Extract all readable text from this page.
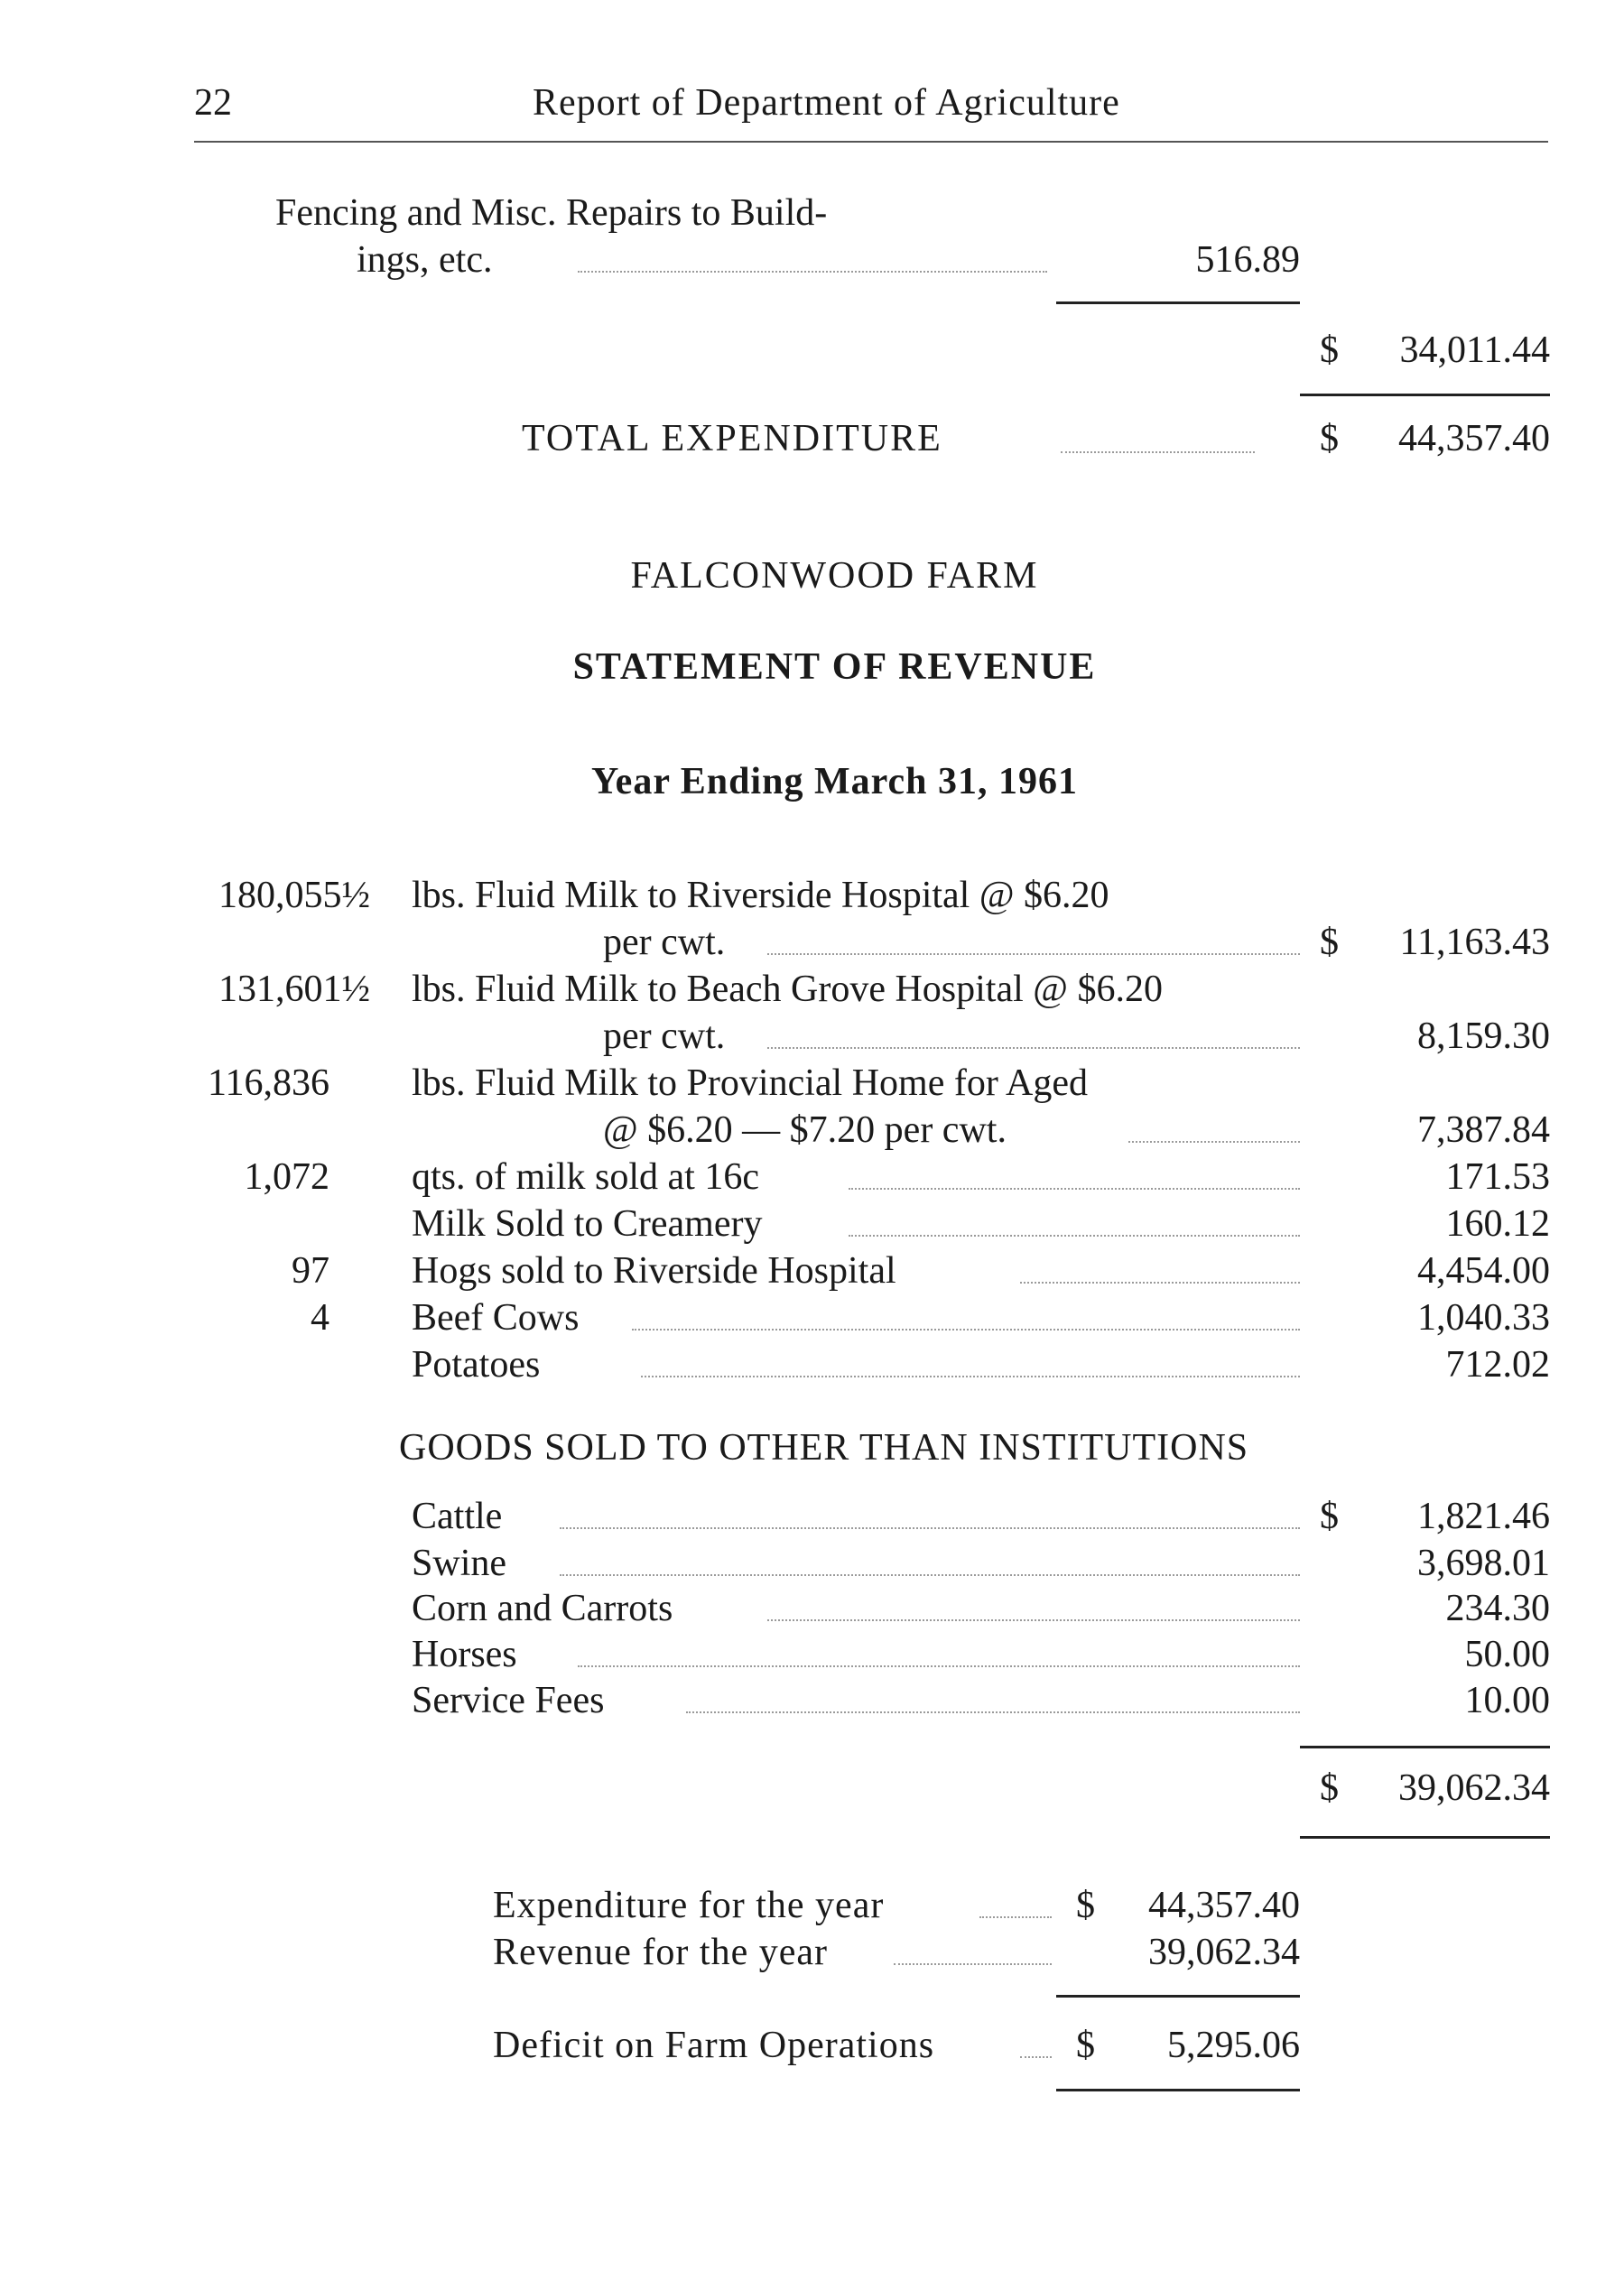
22	Report of Department of Agriculture
Fencing and Misc. Repairs to Build-
ings, etc.	516.89
$	34,011.44
TOTAL EXPENDITURE	$	44,357.40
FALCONWOOD FARM
STATEMENT OF REVENUE
Year Ending March 31, 1961
180,055½ lbs. Fluid Milk to Riverside Hospital @ $6.20
per cwt.	$	11,163.43
131,601½ lbs. Fluid Milk to Beach Grove Hospital @ $6.20
per cwt.	8,159.30
116,836 lbs. Fluid Milk to Provincial Home for Aged
@ $6.20 — $7.20 per cwt.	7,387.84
1,072 qts. of milk sold at 16c	171.53
Milk Sold to Creamery	160.12
97 Hogs sold to Riverside Hospital	4,454.00
4 Beef Cows	1,040.33
Potatoes	712.02
GOODS SOLD TO OTHER THAN INSTITUTIONS
Cattle	$	1,821.46
Swine	3,698.01
Corn and Carrots	234.30
Horses	50.00
Service Fees	10.00
$	39,062.34
Expenditure for the year	$	44,357.40
Revenue for the year	39,062.34
Deficit on Farm Operations	$	5,295.06
